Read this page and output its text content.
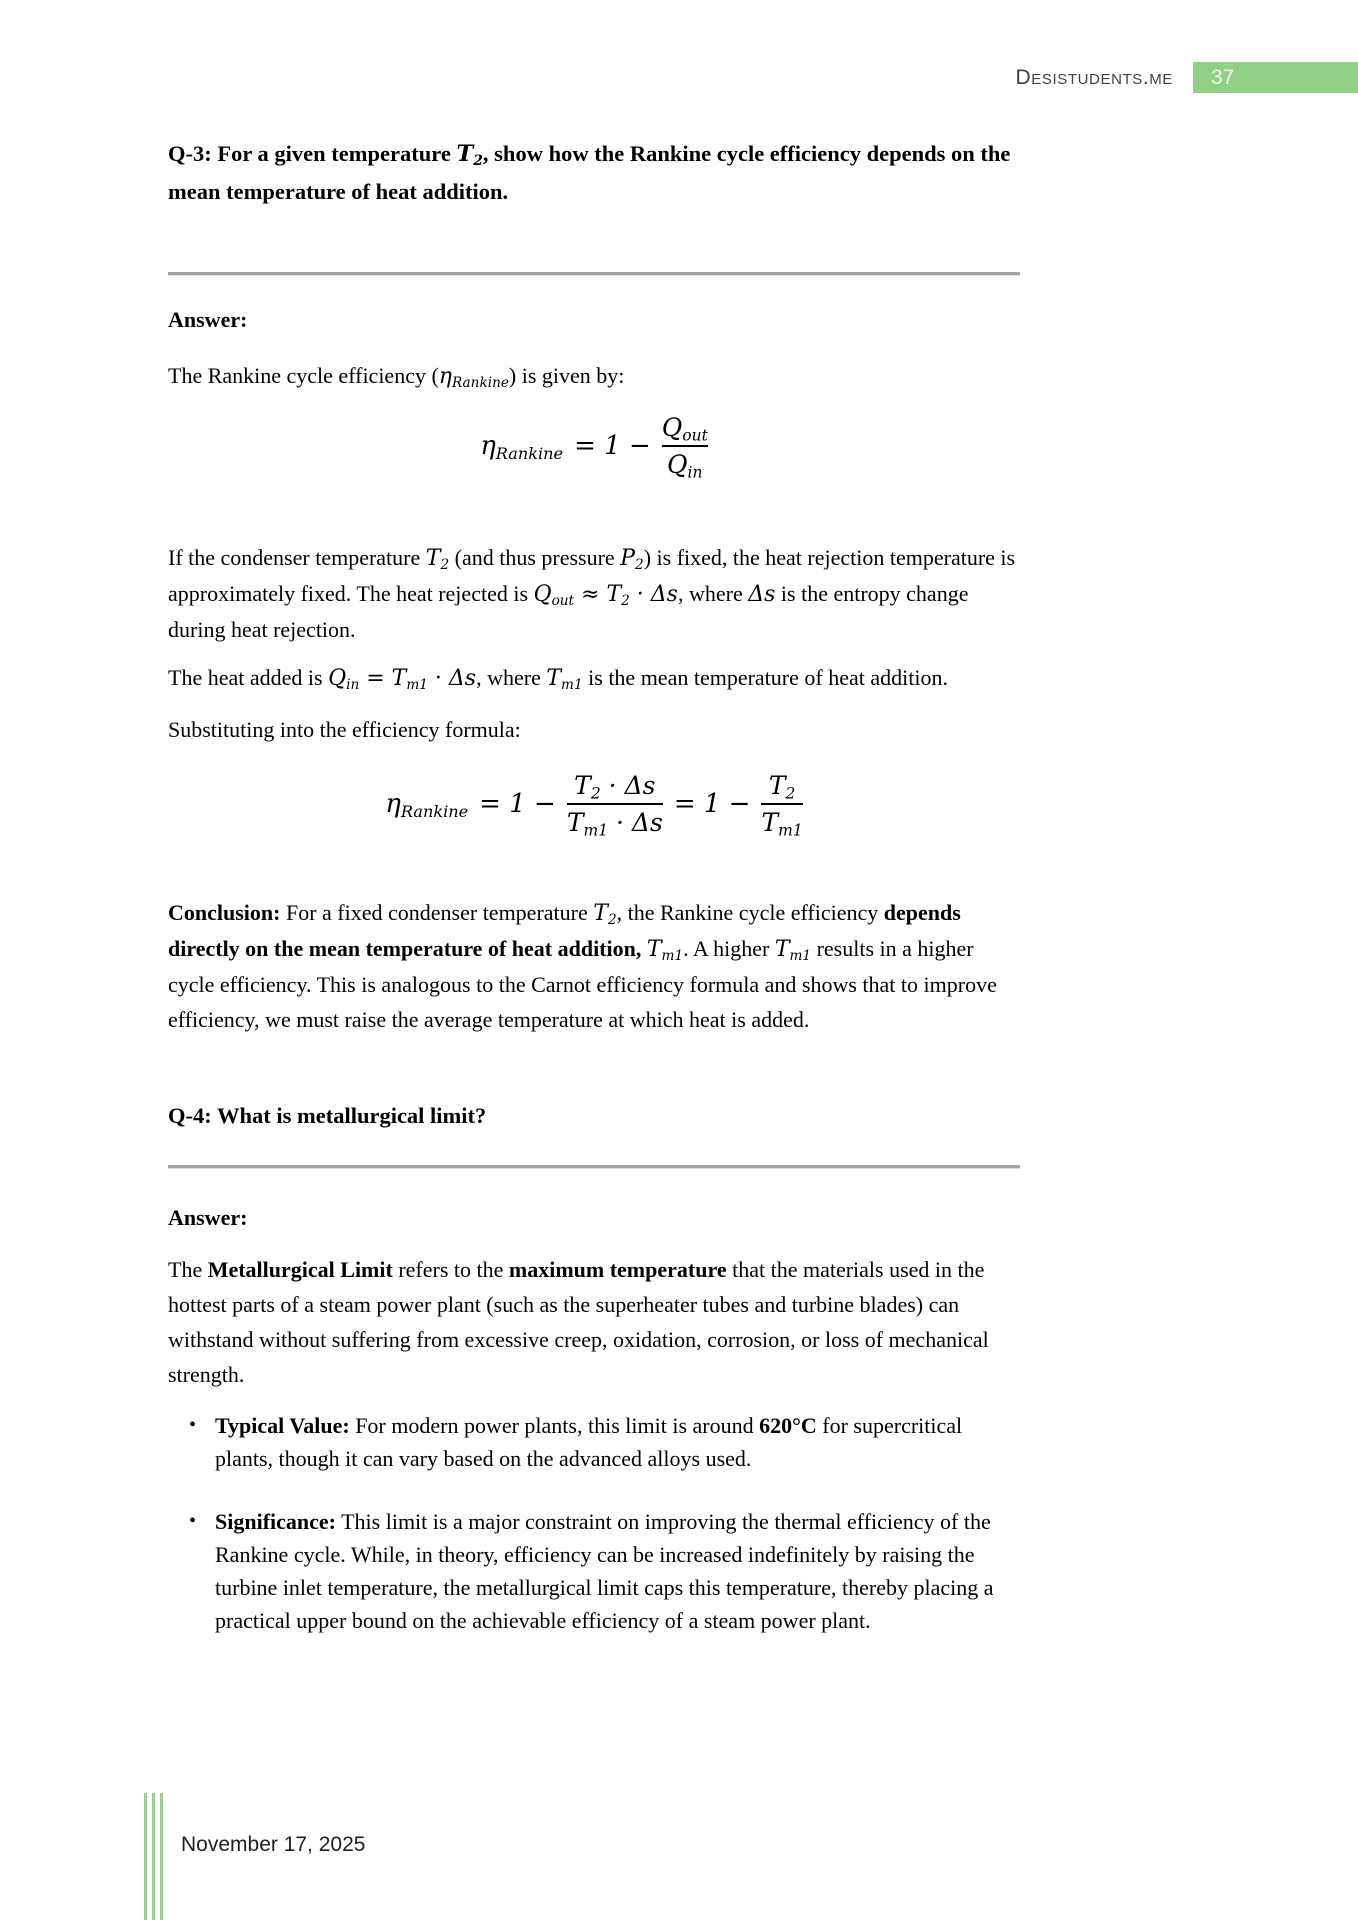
Desistudents.me 37
Q-3: For a given temperature $T_2$, show how the Rankine cycle efficiency depends on the mean temperature of heat addition.
Answer:
The Rankine cycle efficiency $(\eta_{Rankine})$ is given by:
$\eta_{Rankine} = 1 - \frac{Q_{out}}{Q_{in}}$
If the condenser temperature $T_2$ (and thus pressure $P_2$) is fixed, the heat rejection temperature is approximately fixed. The heat rejected is $Q_{out} \approx T_2 \cdot \Delta s$, where Δs is the entropy change during heat rejection.
The heat added is $Q_{in} = T_{m1} \cdot \Delta s$, where $T_{m1}$ is the mean temperature of heat addition.
Substituting into the efficiency formula:
$\eta_{Rankine} = 1 - \frac{T_2 \cdot \Delta s}{T_{m1} \cdot \Delta s} = 1 - \frac{T_2}{T_{m1}}$
Conclusion: For a fixed condenser temperature $T_2$, the Rankine cycle efficiency depends directly on the mean temperature of heat addition, $T_{m1}$. A higher $T_{m1}$ results in a higher cycle efficiency. This is analogous to the Carnot efficiency formula and shows that to improve efficiency, we must raise the average temperature at which heat is added.
Q-4: What is metallurgical limit?
Answer:
The Metallurgical Limit refers to the maximum temperature that the materials used in the hottest parts of a steam power plant (such as the superheater tubes and turbine blades) can withstand without suffering from excessive creep, oxidation, corrosion, or loss of mechanical strength.
• Typical Value: For modern power plants, this limit is around 620°C for supercritical plants, though it can vary based on the advanced alloys used.
• Significance: This limit is a major constraint on improving the thermal efficiency of the Rankine cycle. While, in theory, efficiency can be increased indefinitely by raising the turbine inlet temperature, the metallurgical limit caps this temperature, thereby placing a practical upper bound on the achievable efficiency of a steam power plant.
November 17, 2025
